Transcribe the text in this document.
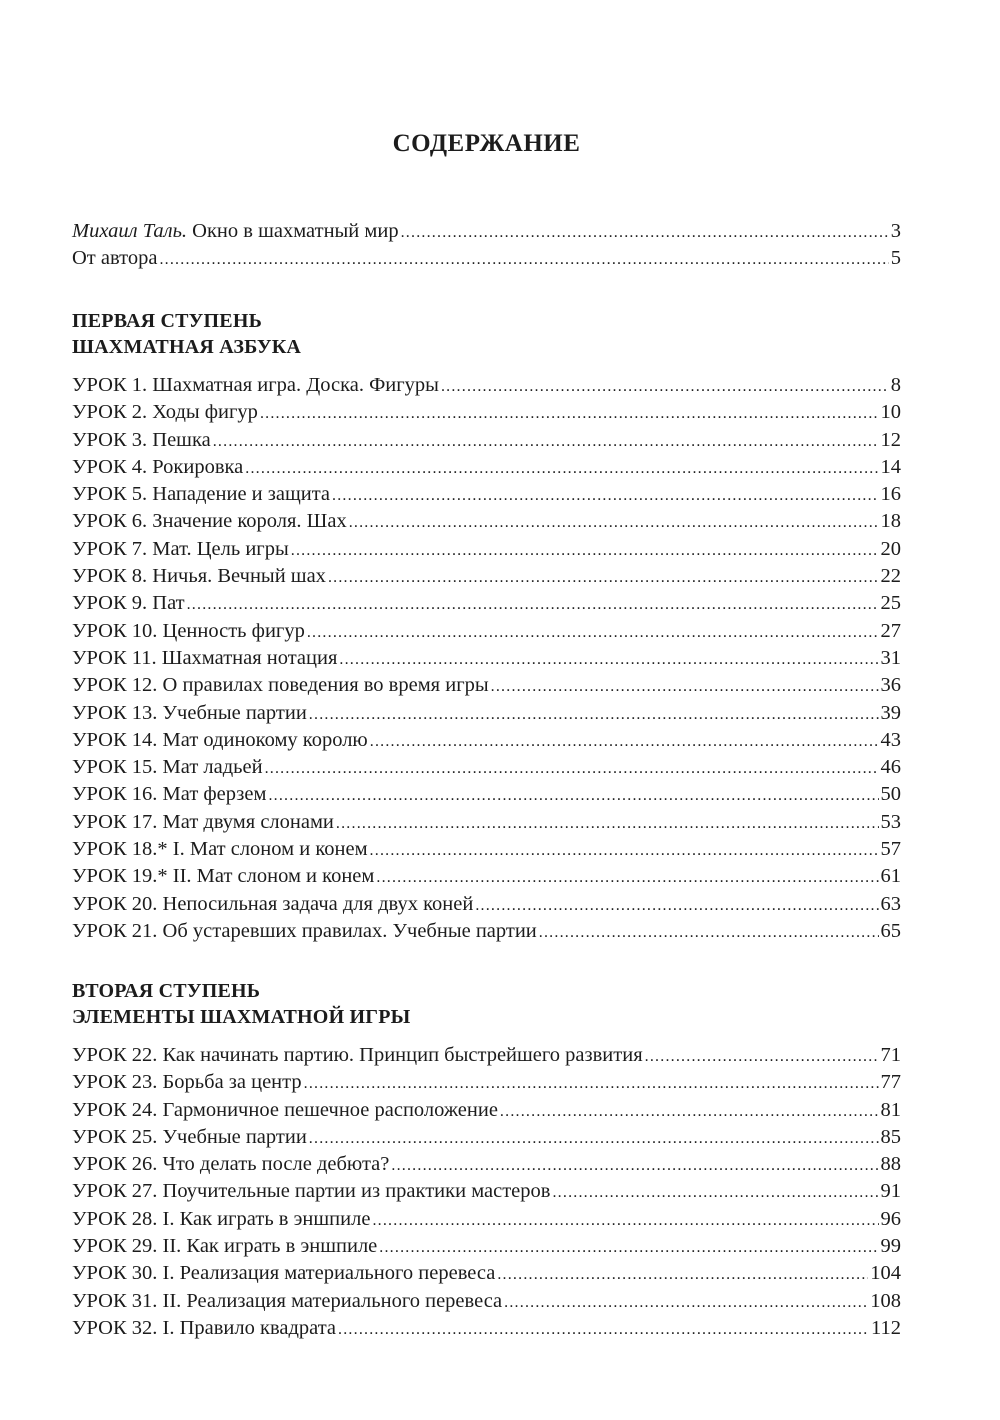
СОДЕРЖАНИЕ
Михаил Таль. Окно в шахматный мир .....	3
От автора .....	5
ПЕРВАЯ СТУПЕНЬ
ШАХМАТНАЯ АЗБУКА
УРОК 1. Шахматная игра. Доска. Фигуры .....	8
УРОК 2. Ходы фигур .....	10
УРОК 3. Пешка .....	12
УРОК 4. Рокировка .....	14
УРОК 5. Нападение и защита .....	16
УРОК 6. Значение короля. Шах .....	18
УРОК 7. Мат. Цель игры .....	20
УРОК 8. Ничья. Вечный шах .....	22
УРОК 9. Пат .....	25
УРОК 10. Ценность фигур .....	27
УРОК 11. Шахматная нотация .....	31
УРОК 12. О правилах поведения во время игры .....	36
УРОК 13. Учебные партии .....	39
УРОК 14. Мат одинокому королю .....	43
УРОК 15. Мат ладьей .....	46
УРОК 16. Мат ферзем .....	50
УРОК 17. Мат двумя слонами .....	53
УРОК 18.* I. Мат слоном и конем .....	57
УРОК 19.* II. Мат слоном и конем .....	61
УРОК 20. Непосильная задача для двух коней .....	63
УРОК 21. Об устаревших правилах. Учебные партии .....	65
ВТОРАЯ СТУПЕНЬ
ЭЛЕМЕНТЫ ШАХМАТНОЙ ИГРЫ
УРОК 22. Как начинать партию. Принцип быстрейшего развития .....	71
УРОК 23. Борьба за центр .....	77
УРОК 24. Гармоничное пешечное расположение .....	81
УРОК 25. Учебные партии .....	85
УРОК 26. Что делать после дебюта? .....	88
УРОК 27. Поучительные партии из практики мастеров .....	91
УРОК 28. I. Как играть в эншпиле .....	96
УРОК 29. II. Как играть в эншпиле .....	99
УРОК 30. I. Реализация материального перевеса .....	104
УРОК 31. II. Реализация материального перевеса .....	108
УРОК 32. I. Правило квадрата .....	112
